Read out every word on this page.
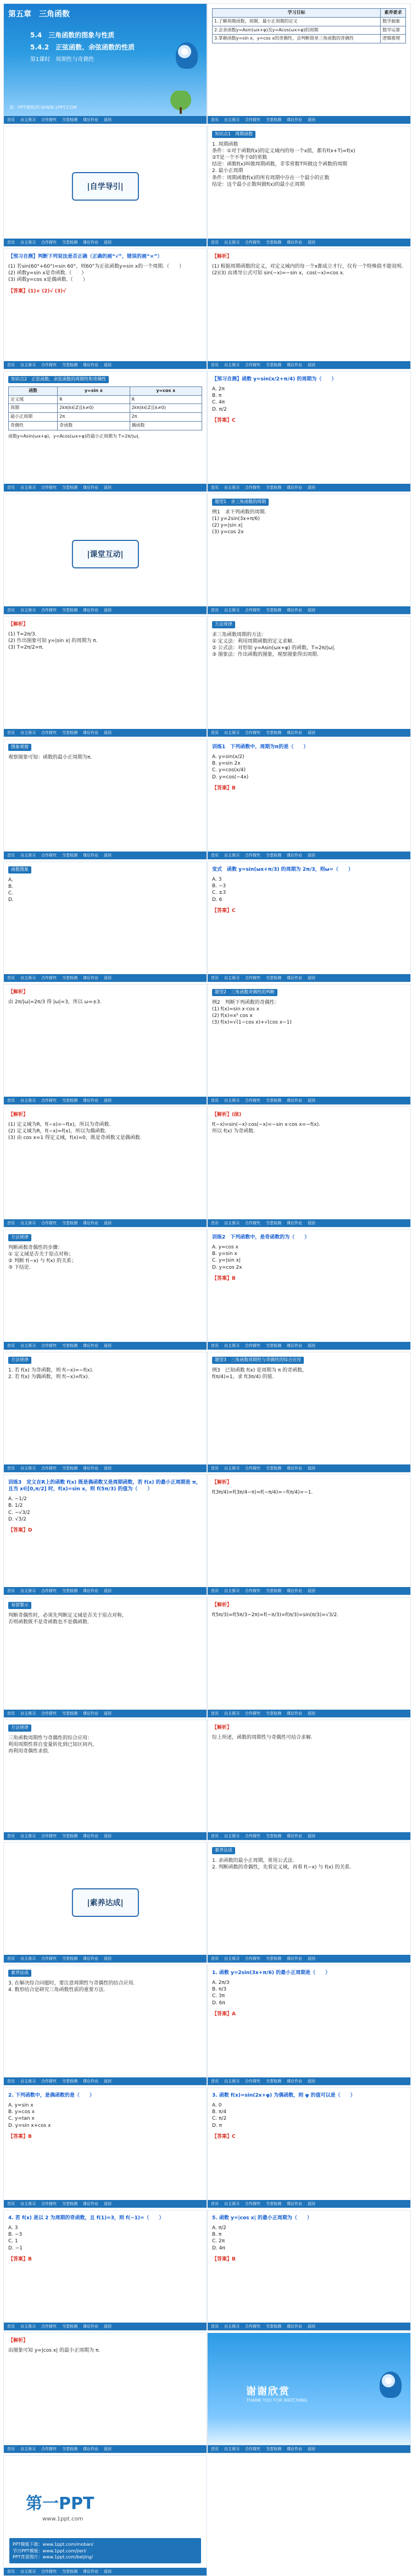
第五章　三角函数
5.4　三角函数的图象与性质
5.4.2　正弦函数、余弦函数的性质
第1课时　周期性与奇偶性
第一PPT模板网-WWW.1PPT.COM
首页 自主预习 合作探究 当堂检测 课后作业 返回
学习目标	素养要求
1.了解周期函数、周期、最小正周期的定义	数学抽象
2.会求函数y=Asin(ωx+φ)及y=Acos(ωx+φ)的周期	数学运算
3.掌握函数y=sin x，y=cos x的奇偶性，会判断简单三角函数的奇偶性	逻辑推理
首页 自主预习 合作探究 当堂检测 课后作业 返回
|自学导引|
首页 自主预习 合作探究 当堂检测 课后作业 返回
知识点1　周期函数
1. 周期函数
条件：①对于函数f(x)的定义域内的每一个x值，都有f(x+T)=f(x)
②T是一个不等于0的常数
结论：函数f(x)叫做周期函数，非零常数T叫做这个函数的周期
2. 最小正周期
条件：周期函数f(x)的所有周期中存在一个最小的正数
结论：这个最小正数叫做f(x)的最小正周期
首页 自主预习 合作探究 当堂检测 课后作业 返回
【预习自测】判断下列说法是否正确（正确的画“√”，错误的画“×”）
(1) 若sin(60°+60°)=sin 60°，则60°为正弦函数y=sin x的一个周期.（　　）
(2) 函数y=sin x是奇函数.（　　）
(3) 函数y=cos x是偶函数.（　　）
【答案】(1)× (2)√ (3)√
首页 自主预习 合作探究 当堂检测 课后作业 返回
【解析】
(1) 根据周期函数的定义，对定义域内的每一个x都成立才行，仅有一个特殊值不能说明.
(2)(3) 由诱导公式可知 sin(−x)=−sin x，cos(−x)=cos x.
首页 自主预习 合作探究 当堂检测 课后作业 返回
知识点2　正弦函数、余弦函数的周期性和奇偶性
函数	y=sin x	y=cos x
定义域	R	R
周期	2kπ(k∈Z且k≠0)	2kπ(k∈Z且k≠0)
最小正周期	2π	2π
奇偶性	奇函数	偶函数
函数y=Asin(ωx+φ)，y=Acos(ωx+φ)的最小正周期为 T=2π/|ω|.
首页 自主预习 合作探究 当堂检测 课后作业 返回
【预习自测】函数 y=sin(x/2+π/4) 的周期为（　　）
A. 2π
B. π
C. 4π
D. π/2
【答案】C
首页 自主预习 合作探究 当堂检测 课后作业 返回
|课堂互动|
首页 自主预习 合作探究 当堂检测 课后作业 返回
题型1　求三角函数的周期
例1　求下列函数的周期.
(1) y=2sin(3x+π/6)
(2) y=|sin x|
(3) y=cos 2x
首页 自主预习 合作探究 当堂检测 课后作业 返回
【解析】
(1) T=2π/3.
(2) 作出图象可知 y=|sin x| 的周期为 π.
(3) T=2π/2=π.
首页 自主预习 合作探究 当堂检测 课后作业 返回
方法规律
求三角函数周期的方法：
① 定义法：利用周期函数的定义求解.
② 公式法：对形如 y=Asin(ωx+φ) 的函数，T=2π/|ω|.
③ 图象法：作出函数的图象，观察图象得出周期.
首页 自主预习 合作探究 当堂检测 课后作业 返回
图象观察
观察图象可知：函数的最小正周期为π.
首页 自主预习 合作探究 当堂检测 课后作业 返回
训练1　下列函数中，周期为π的是（　　）
A. y=sin(x/2)
B. y=sin 2x
C. y=cos(x/4)
D. y=cos(−4x)
【答案】B
首页 自主预习 合作探究 当堂检测 课后作业 返回
函数图象
A.
B.
C.
D.
首页 自主预习 合作探究 当堂检测 课后作业 返回
变式　函数 y=sin(ωx+π/3) 的周期为 2π/3，则ω=（　　）
A. 3
B. −3
C. ±3
D. 6
【答案】C
首页 自主预习 合作探究 当堂检测 课后作业 返回
【解析】
由 2π/|ω|=2π/3 得 |ω|=3，所以 ω=±3.
首页 自主预习 合作探究 当堂检测 课后作业 返回
题型2　三角函数奇偶性的判断
例2　判断下列函数的奇偶性：
(1) f(x)=sin x·cos x
(2) f(x)=x² cos x
(3) f(x)=√(1−cos x)+√(cos x−1)
首页 自主预习 合作探究 当堂检测 课后作业 返回
【解析】
(1) 定义域为R，f(−x)=−f(x)，所以为奇函数.
(2) 定义域为R，f(−x)=f(x)，所以为偶函数.
(3) 由 cos x=1 得定义域，f(x)=0，既是奇函数又是偶函数.
首页 自主预习 合作探究 当堂检测 课后作业 返回
【解析】(续)
f(−x)=sin(−x)·cos(−x)=−sin x·cos x=−f(x).
所以 f(x) 为奇函数.
首页 自主预习 合作探究 当堂检测 课后作业 返回
方法规律
判断函数奇偶性的步骤：
① 定义域是否关于原点对称；
② 判断 f(−x) 与 f(x) 的关系；
③ 下结论.
首页 自主预习 合作探究 当堂检测 课后作业 返回
训练2　下列函数中，是奇函数的为（　　）
A. y=cos x
B. y=sin x
C. y=|sin x|
D. y=cos 2x
【答案】B
首页 自主预习 合作探究 当堂检测 课后作业 返回
方法规律
1. 若 f(x) 为奇函数，则 f(−x)=−f(x).
2. 若 f(x) 为偶函数，则 f(−x)=f(x).
首页 自主预习 合作探究 当堂检测 课后作业 返回
题型3　三角函数周期性与奇偶性的综合应用
例3　已知函数 f(x) 是周期为 π 的奇函数，
f(π/4)=1，求 f(3π/4) 的值.
首页 自主预习 合作探究 当堂检测 课后作业 返回
训练3　定义在R上的函数 f(x) 既是偶函数又是周期函数，若 f(x) 的最小正周期是 π，且当 x∈[0,π/2] 时，f(x)=sin x，则 f(5π/3) 的值为（　　）
A. −1/2
B. 1/2
C. −√3/2
D. √3/2
【答案】D
首页 自主预习 合作探究 当堂检测 课后作业 返回
【解析】
f(3π/4)=f(3π/4−π)=f(−π/4)=−f(π/4)=−1.
首页 自主预习 合作探究 当堂检测 课后作业 返回
易错警示
判断奇偶性时，必须先判断定义域是否关于原点对称，
否则函数既不是奇函数也不是偶函数.
首页 自主预习 合作探究 当堂检测 课后作业 返回
【解析】
f(5π/3)=f(5π/3−2π)=f(−π/3)=f(π/3)=sin(π/3)=√3/2.
首页 自主预习 合作探究 当堂检测 课后作业 返回
方法规律
三角函数周期性与奇偶性的综合应用：
利用周期性将自变量转化到已知区间内，
再利用奇偶性求值.
首页 自主预习 合作探究 当堂检测 课后作业 返回
【解析】
综上所述，函数的周期性与奇偶性可结合求解.
首页 自主预习 合作探究 当堂检测 课后作业 返回
|素养达成|
首页 自主预习 合作探究 当堂检测 课后作业 返回
素养达成
1. 求函数的最小正周期，常用公式法.
2. 判断函数的奇偶性，先看定义域，再看 f(−x) 与 f(x) 的关系.
首页 自主预习 合作探究 当堂检测 课后作业 返回
素养达成
3. 在解决综合问题时，要注意周期性与奇偶性的结合应用.
4. 数形结合是研究三角函数性质的重要方法.
首页 自主预习 合作探究 当堂检测 课后作业 返回
1. 函数 y=2sin(3x+π/6) 的最小正周期是（　　）
A. 2π/3
B. π/3
C. 3π
D. 6π
【答案】A
首页 自主预习 合作探究 当堂检测 课后作业 返回
2. 下列函数中，是偶函数的是（　　）
A. y=sin x
B. y=cos x
C. y=tan x
D. y=sin x+cos x
【答案】B
首页 自主预习 合作探究 当堂检测 课后作业 返回
3. 函数 f(x)=sin(2x+φ) 为偶函数，则 φ 的值可以是（　　）
A. 0
B. π/4
C. π/2
D. π
【答案】C
首页 自主预习 合作探究 当堂检测 课后作业 返回
4. 若 f(x) 是以 2 为周期的奇函数，且 f(1)=3，则 f(−1)=（　　）
A. 3
B. −3
C. 1
D. −1
【答案】B
首页 自主预习 合作探究 当堂检测 课后作业 返回
5. 函数 y=|cos x| 的最小正周期为（　　）
A. π/2
B. π
C. 2π
D. 4π
【答案】B
首页 自主预习 合作探究 当堂检测 课后作业 返回
【解析】
由图象可知 y=|cos x| 的最小正周期为 π.
首页 自主预习 合作探究 当堂检测 课后作业 返回
谢谢欣赏
THANK YOU FOR WATCHING
首页 自主预习 合作探究 当堂检测 课后作业 返回
第一PPT
www.1ppt.com
PPT模板下载：www.1ppt.com/moban/
节日PPT模板：www.1ppt.com/jieri/
PPT背景图片：www.1ppt.com/beijing/
首页 自主预习 合作探究 当堂检测 课后作业 返回
